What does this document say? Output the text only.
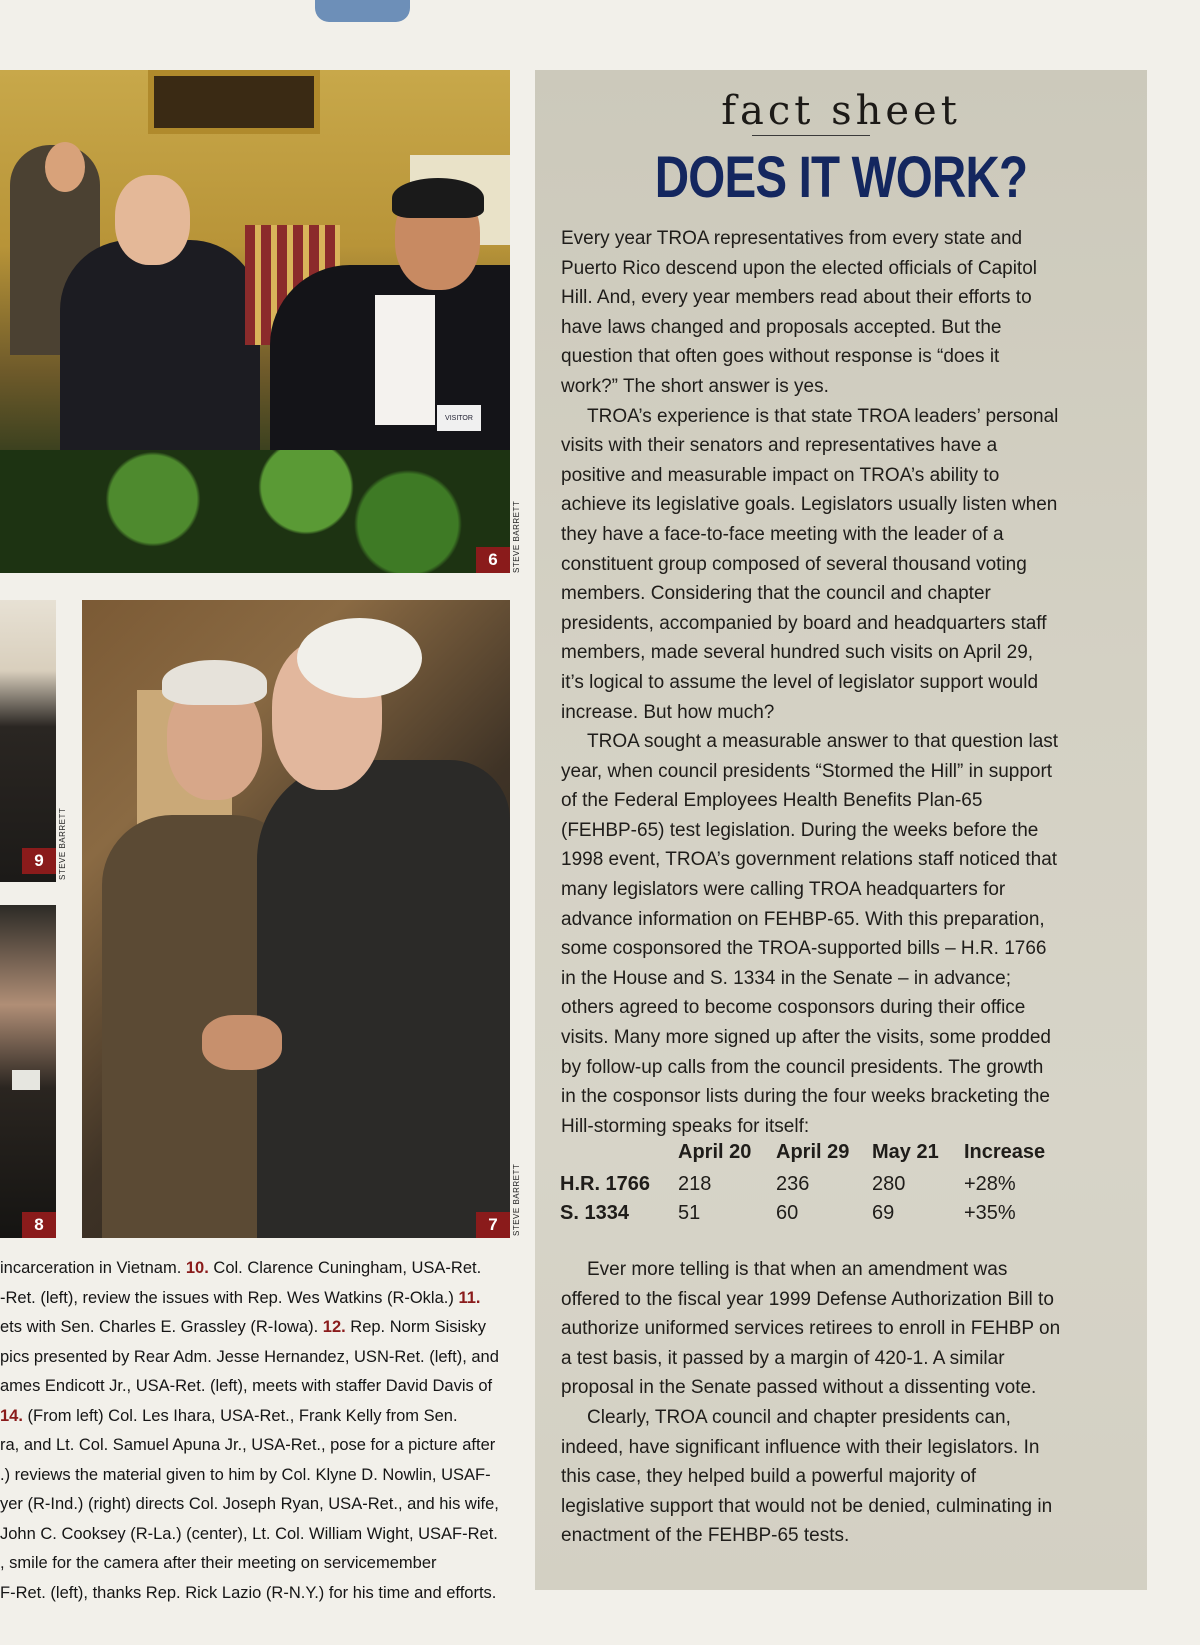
VISITOR
6	STEVE BARRETT
9	STEVE BARRETT
8	7	STEVE BARRETT
fact sheet
DOES IT WORK?

Every year TROA representatives from every state and Puerto Rico descend upon the elected officials of Capitol Hill. And, every year members read about their efforts to have laws changed and proposals accepted. But the question that often goes without response is “does it work?” The short answer is yes.

TROA’s experience is that state TROA leaders’ personal visits with their senators and representatives have a positive and measurable impact on TROA’s ability to achieve its legislative goals. Legislators usually listen when they have a face-to-face meeting with the leader of a constituent group composed of several thousand voting members. Considering that the council and chapter presidents, accompanied by board and headquarters staff members, made several hundred such visits on April 29, it’s logical to assume the level of legislator support would increase. But how much?

TROA sought a measurable answer to that question last year, when council presidents “Stormed the Hill” in support of the Federal Employees Health Benefits Plan-65 (FEHBP-65) test legislation. During the weeks before the 1998 event, TROA’s government relations staff noticed that many legislators were calling TROA headquarters for advance information on FEHBP-65. With this preparation, some cosponsored the TROA-supported bills – H.R. 1766 in the House and S. 1334 in the Senate – in advance; others agreed to become cosponsors during their office visits. Many more signed up after the visits, some prodded by follow-up calls from the council presidents. The growth in the cosponsor lists during the four weeks bracketing the Hill-storming speaks for itself:

	April 20	April 29	May 21	Increase
H.R. 1766	218	236	280	+28%
S. 1334	51	60	69	+35%

Ever more telling is that when an amendment was offered to the fiscal year 1999 Defense Authorization Bill to authorize uniformed services retirees to enroll in FEHBP on a test basis, it passed by a margin of 420-1. A similar proposal in the Senate passed without a dissenting vote.

Clearly, TROA council and chapter presidents can, indeed, have significant influence with their legislators. In this case, they helped build a powerful majority of legislative support that would not be denied, culminating in enactment of the FEHBP-65 tests.

incarceration in Vietnam. 10. Col. Clarence Cuningham, USA-Ret.
-Ret. (left), review the issues with Rep. Wes Watkins (R-Okla.) 11.
ets with Sen. Charles E. Grassley (R-Iowa). 12. Rep. Norm Sisisky
pics presented by Rear Adm. Jesse Hernandez, USN-Ret. (left), and
ames Endicott Jr., USA-Ret. (left), meets with staffer David Davis of
14. (From left) Col. Les Ihara, USA-Ret., Frank Kelly from Sen.
ra, and Lt. Col. Samuel Apuna Jr., USA-Ret., pose for a picture after
.) reviews the material given to him by Col. Klyne D. Nowlin, USAF-
yer (R-Ind.) (right) directs Col. Joseph Ryan, USA-Ret., and his wife,
John C. Cooksey (R-La.) (center), Lt. Col. William Wight, USAF-Ret.
, smile for the camera after their meeting on servicemember
F-Ret. (left), thanks Rep. Rick Lazio (R-N.Y.) for his time and efforts.
